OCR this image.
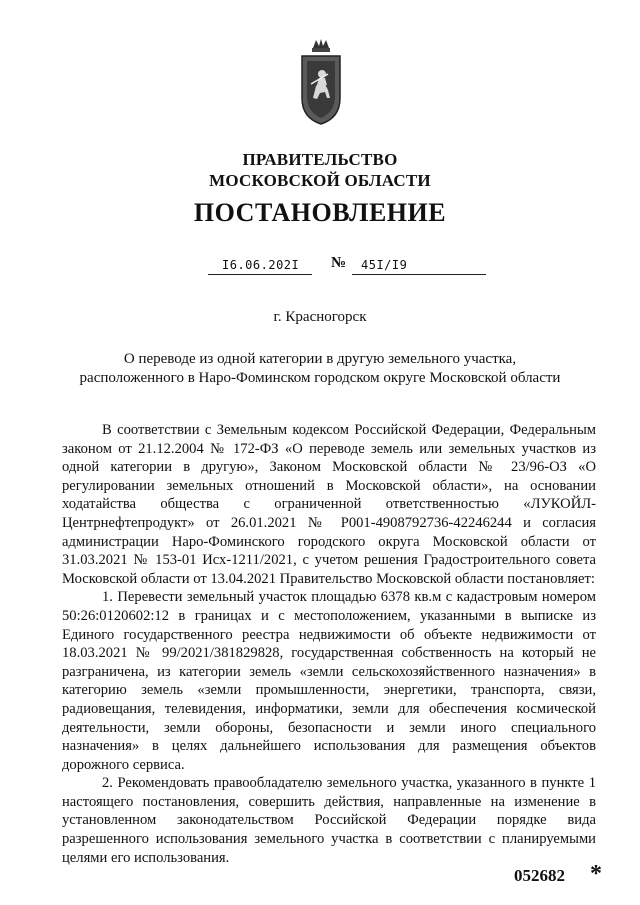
ПРАВИТЕЛЬСТВО
МОСКОВСКОЙ ОБЛАСТИ
ПОСТАНОВЛЕНИЕ
I6.06.202I № 45I/I9
г. Красногорск
О переводе из одной категории в другую земельного участка,
расположенного в Наро-Фоминском городском округе Московской области

В соответствии с Земельным кодексом Российской Федерации, Федеральным законом от 21.12.2004 № 172-ФЗ «О переводе земель или земельных участков из одной категории в другую», Законом Московской области № 23/96-ОЗ «О регулировании земельных отношений в Московской области», на основании ходатайства общества с ограниченной ответственностью «ЛУКОЙЛ-Центрнефтепродукт» от 26.01.2021 № Р001-4908792736-42246244 и согласия администрации Наро-Фоминского городского округа Московской области от 31.03.2021 № 153-01 Исх-1211/2021, с учетом решения Градостроительного совета Московской области от 13.04.2021 Правительство Московской области постановляет:

1. Перевести земельный участок площадью 6378 кв.м с кадастровым номером 50:26:0120602:12 в границах и с местоположением, указанными в выписке из Единого государственного реестра недвижимости об объекте недвижимости от 18.03.2021 № 99/2021/381829828, государственная собственность на который не разграничена, из категории земель «земли сельскохозяйственного назначения» в категорию земель «земли промышленности, энергетики, транспорта, связи, радиовещания, телевидения, информатики, земли для обеспечения космической деятельности, земли обороны, безопасности и земли иного специального назначения» в целях дальнейшего использования для размещения объектов дорожного сервиса.

2. Рекомендовать правообладателю земельного участка, указанного в пункте 1 настоящего постановления, совершить действия, направленные на изменение в установленном законодательством Российской Федерации порядке вида разрешенного использования земельного участка в соответствии с планируемыми целями его использования.

052682 *
